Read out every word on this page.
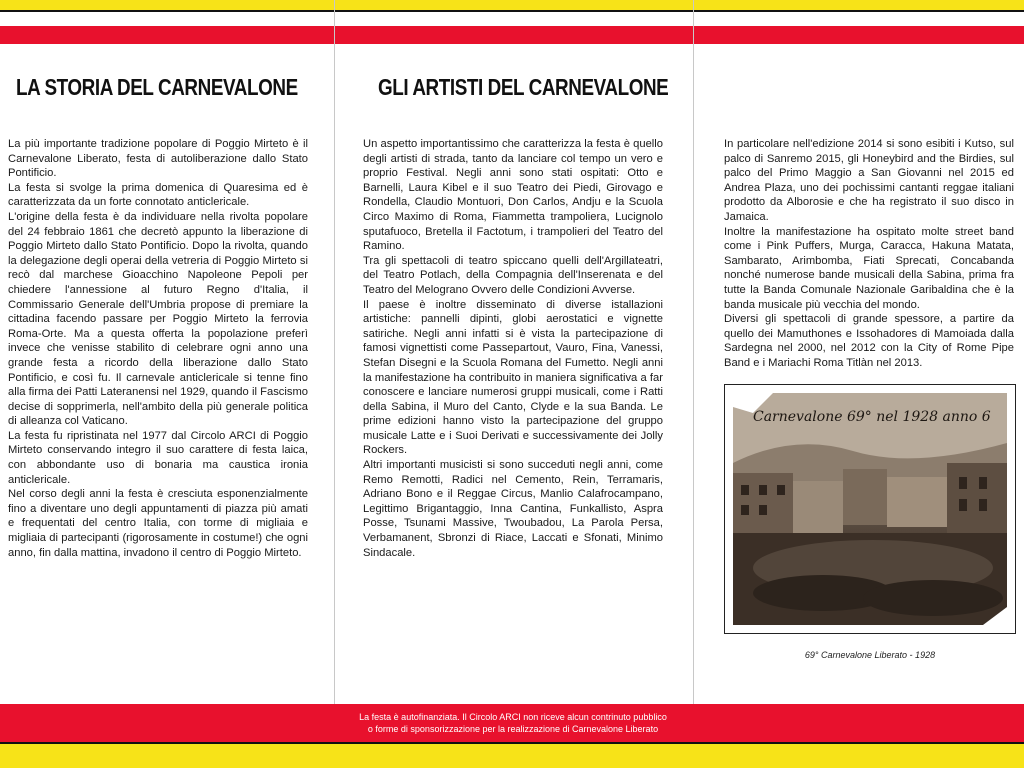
LA STORIA DEL CARNEVALONE

La più importante tradizione popolare di Poggio Mirteto è il Carnevalone Liberato, festa di autoliberazione dallo Stato Pontificio.

La festa si svolge la prima domenica di Quaresima ed è caratterizzata da un forte connotato anticlericale.

L'origine della festa è da individuare nella rivolta popolare del 24 febbraio 1861 che decretò appunto la liberazione di Poggio Mirteto dallo Stato Pontificio. Dopo la rivolta, quando la delegazione degli operai della vetreria di Poggio Mirteto si recò dal marchese Gioacchino Napoleone Pepoli per chiedere l'annessione al futuro Regno d'Italia, il Commissario Generale dell'Umbria propose di premiare la cittadina facendo passare per Poggio Mirteto la ferrovia Roma-Orte. Ma a questa offerta la popolazione preferì invece che venisse stabilito di celebrare ogni anno una grande festa a ricordo della liberazione dallo Stato Pontificio, e così fu. Il carnevale anticlericale si tenne fino alla firma dei Patti Lateranensi nel 1929, quando il Fascismo decise di sopprimerla, nell'ambito della più generale politica di alleanza col Vaticano.

La festa fu ripristinata nel 1977 dal Circolo ARCI di Poggio Mirteto conservando integro il suo carattere di festa laica, con abbondante uso di bonaria ma caustica ironia anticlericale.

Nel corso degli anni la festa è cresciuta esponenzialmente fino a diventare uno degli appuntamenti di piazza più amati e frequentati del centro Italia, con torme di migliaia e migliaia di partecipanti (rigorosamente in costume!) che ogni anno, fin dalla mattina, invadono il centro di Poggio Mirteto.

GLI ARTISTI DEL CARNEVALONE

Un aspetto importantissimo che caratterizza la festa è quello degli artisti di strada, tanto da lanciare col tempo un vero e proprio Festival. Negli anni sono stati ospitati: Otto e Barnelli, Laura Kibel e il suo Teatro dei Piedi, Girovago e Rondella, Claudio Montuori, Don Carlos, Andju e la Scuola Circo Maximo di Roma, Fiammetta trampoliera, Lucignolo sputafuoco, Bretella il Factotum, i trampolieri del Teatro del Ramino.

Tra gli spettacoli di teatro spiccano quelli dell'Argillateatri, del Teatro Potlach, della Compagnia dell'Inserenata e del Teatro del Melograno Ovvero delle Condizioni Avverse.

Il paese è inoltre disseminato di diverse istallazioni artistiche: pannelli dipinti, globi aerostatici e vignette satiriche. Negli anni infatti si è vista la partecipazione di famosi vignettisti come Passepartout, Vauro, Fina, Vanessi, Stefan Disegni e la Scuola Romana del Fumetto. Negli anni la manifestazione ha contribuito in maniera significativa a far conoscere e lanciare numerosi gruppi musicali, come i Ratti della Sabina, il Muro del Canto, Clyde e la sua Banda. Le prime edizioni hanno visto la partecipazione del gruppo musicale Latte e i Suoi Derivati e successivamente dei Jolly Rockers.

Altri importanti musicisti si sono succeduti negli anni, come Remo Remotti, Radici nel Cemento, Rein, Terramaris, Adriano Bono e il Reggae Circus, Manlio Calafrocampano, Legittimo Brigantaggio, Inna Cantina, Funkallisto, Aspra Posse, Tsunami Massive, Twoubadou, La Parola Persa, Verbamanent, Sbronzi di Riace, Laccati e Sfonati, Minimo Sindacale.

In particolare nell'edizione 2014 si sono esibiti i Kutso, sul palco di Sanremo 2015, gli Honeybird and the Birdies, sul palco del Primo Maggio a San Giovanni nel 2015 ed Andrea Plaza, uno dei pochissimi cantanti reggae italiani prodotto da Alborosie e che ha registrato il suo disco in Jamaica.

Inoltre la manifestazione ha ospitato molte street band come i Pink Puffers, Murga, Caracca, Hakuna Matata, Sambarato, Arimbomba, Fiati Sprecati, Concabanda nonché numerose bande musicali della Sabina, prima fra tutte la Banda Comunale Nazionale Garibaldina che è la banda musicale più vecchia del mondo.

Diversi gli spettacoli di grande spessore, a partire da quello dei Mamuthones e Issohadores di Mamoiada dalla Sardegna nel 2000, nel 2012 con la City of Rome Pipe Band e i Mariachi Roma Titlàn nel 2013.

Carnevalone 69° nel 1928 anno 6
69° Carnevalone Liberato - 1928
La festa è autofinanziata. Il Circolo ARCI non riceve alcun contrinuto pubblico
o forme di sponsorizzazione per la realizzazione di Carnevalone Liberato
